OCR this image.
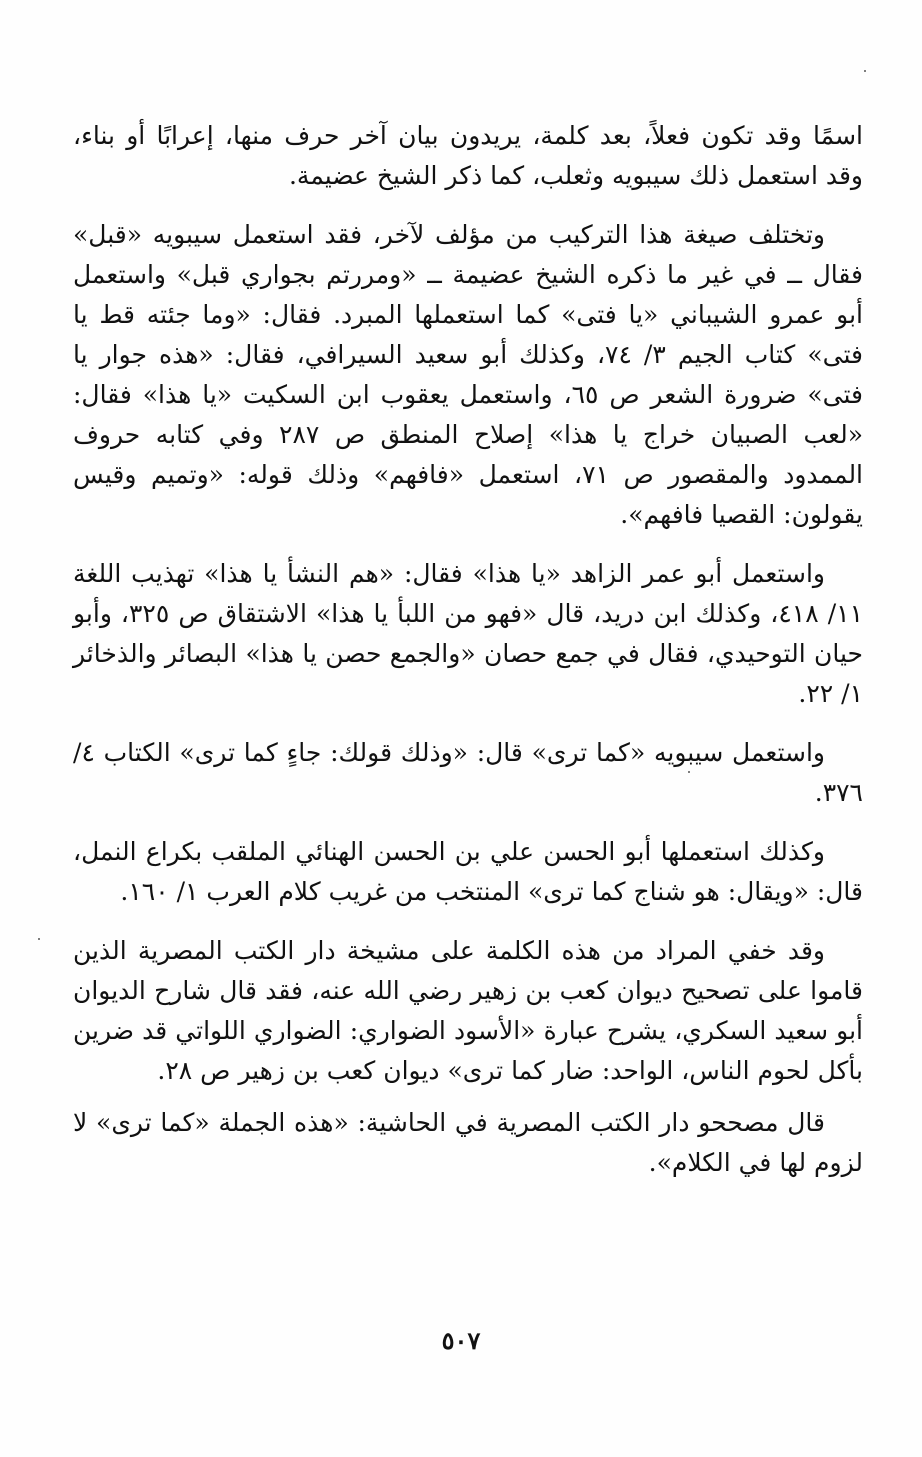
اسمًا وقد تكون فعلاً، بعد كلمة، يريدون بيان آخر حرف منها، إعرابًا أو بناء، وقد استعمل ذلك سيبويه وثعلب، كما ذكر الشيخ عضيمة.

وتختلف صيغة هذا التركيب من مؤلف لآخر، فقد استعمل سيبويه «قبل» فقال ــ في غير ما ذكره الشيخ عضيمة ــ «ومررتم بجواري قبل» واستعمل أبو عمرو الشيباني «يا فتى» كما استعملها المبرد. فقال: «وما جئته قط يا فتى» كتاب الجيم ٣/ ٧٤، وكذلك أبو سعيد السيرافي، فقال: «هذه جوار يا فتى» ضرورة الشعر ص ٦٥، واستعمل يعقوب ابن السكيت «يا هذا» فقال: «لعب الصبيان خراج يا هذا» إصلاح المنطق ص ٢٨٧ وفي كتابه حروف الممدود والمقصور ص ٧١، استعمل «فافهم» وذلك قوله: «وتميم وقيس يقولون: القصيا فافهم».

واستعمل أبو عمر الزاهد «يا هذا» فقال: «هم النشأ يا هذا» تهذيب اللغة ١١/ ٤١٨، وكذلك ابن دريد، قال «فهو من اللبأ يا هذا» الاشتقاق ص ٣٢٥، وأبو حيان التوحيدي، فقال في جمع حصان «والجمع حصن يا هذا» البصائر والذخائر ١/ ٢٢.

واستعمل سيبويه «كما ترى» قال: «وذلك قولك: جاءٍ كما ترى» الكتاب ٤/ ٣٧٦.

وكذلك استعملها أبو الحسن علي بن الحسن الهنائي الملقب بكراع النمل، قال: «ويقال: هو شناج كما ترى» المنتخب من غريب كلام العرب ١/ ١٦٠.

وقد خفي المراد من هذه الكلمة على مشيخة دار الكتب المصرية الذين قاموا على تصحيح ديوان كعب بن زهير رضي الله عنه، فقد قال شارح الديوان أبو سعيد السكري، يشرح عبارة «الأسود الضواري: الضواري اللواتي قد ضرين بأكل لحوم الناس، الواحد: ضار كما ترى» ديوان كعب بن زهير ص ٢٨.

قال مصححو دار الكتب المصرية في الحاشية: «هذه الجملة «كما ترى» لا لزوم لها في الكلام».

٥٠٧
